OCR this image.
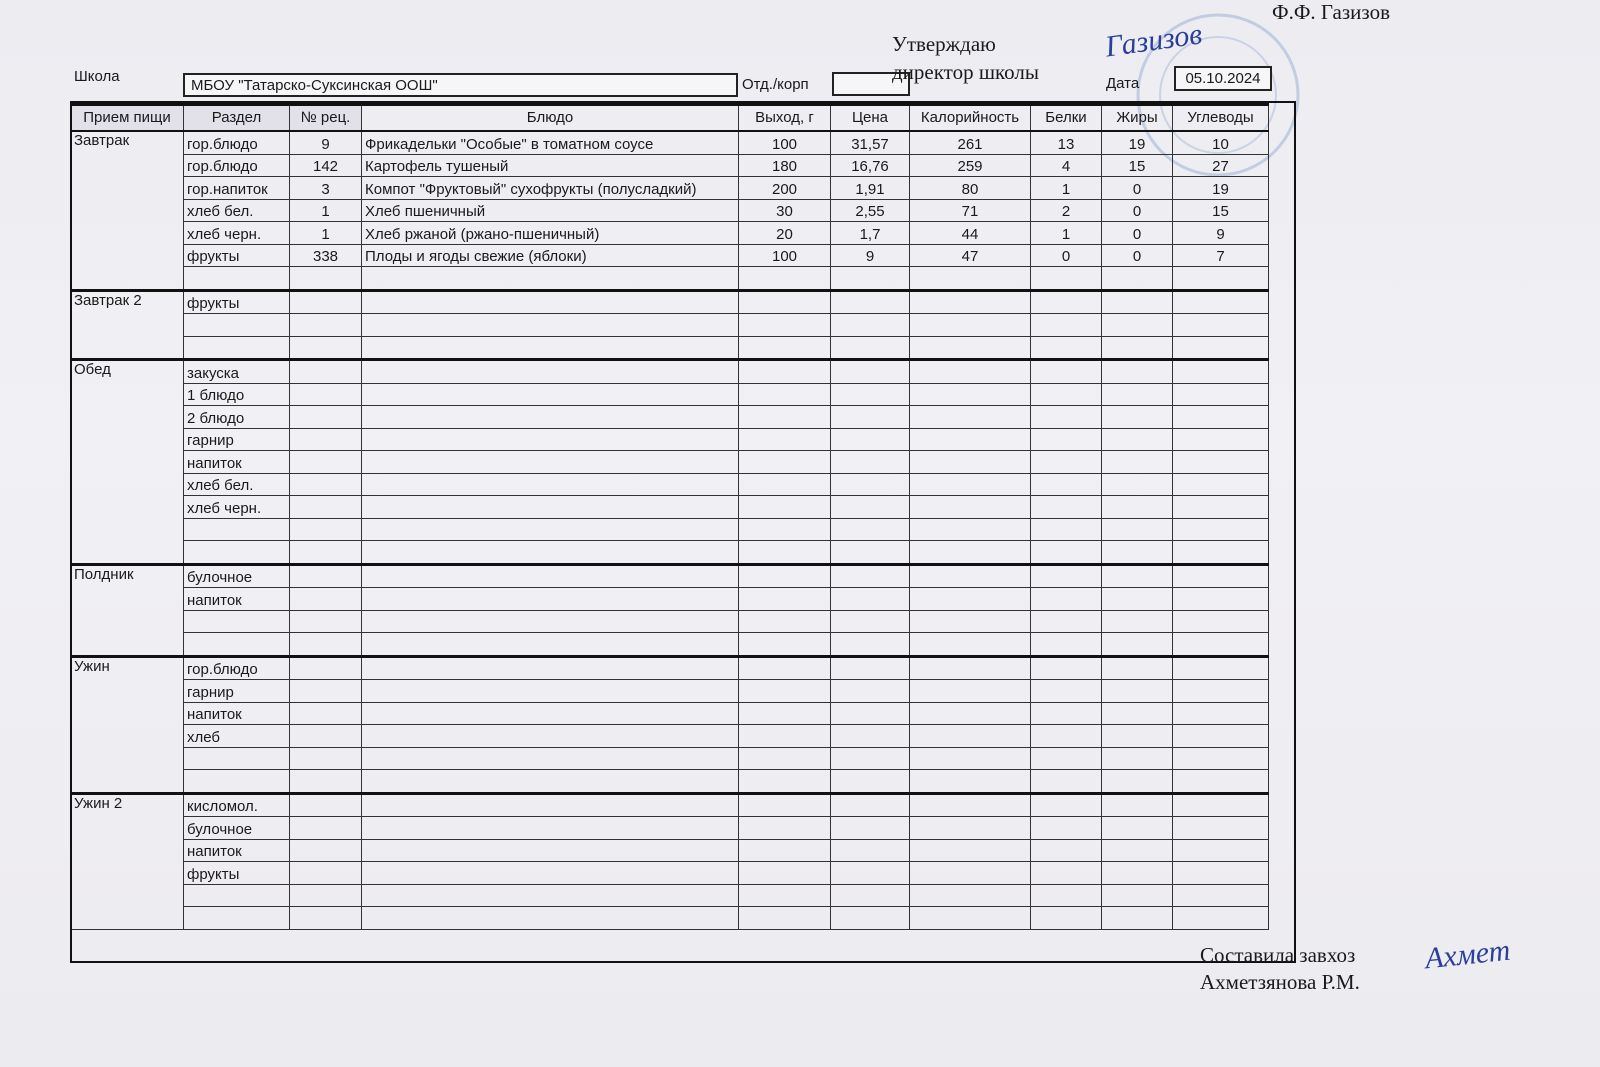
Школа
МБОУ "Татарско-Суксинская ООШ"	Отд./корп	Дата	05.10.2024
Утверждаю
директор школы
Ф.Ф. Газизов
Газизов
Прием пищи	Раздел	№ рец.	Блюдо	Выход, г	Цена	Калорийность	Белки	Жиры	Углеводы
Завтрак	гор.блюдо	9	Фрикадельки "Особые" в томатном соусе	100	31,57	261	13	19	10
	гор.блюдо	142	Картофель тушеный	180	16,76	259	4	15	27
	гор.напиток	3	Компот "Фруктовый" сухофрукты (полусладкий)	200	1,91	80	1	0	19
	хлеб бел.	1	Хлеб пшеничный	30	2,55	71	2	0	15
	хлеб черн.	1	Хлеб ржаной (ржано-пшеничный)	20	1,7	44	1	0	9
	фрукты	338	Плоды и ягоды свежие (яблоки)	100	9	47	0	0	7

Завтрак 2	фрукты								

Обед	закуска								
	1 блюдо								
	2 блюдо								
	гарнир								
	напиток								
	хлеб бел.								
	хлеб черн.								

Полдник	булочное								
	напиток								

Ужин	гор.блюдо								
	гарнир								
	напиток								
	хлеб								

Ужин 2	кисломол.								
	булочное								
	напиток								
	фрукты								

Составила завхоз
Ахметзянова Р.М.
Ахмет
